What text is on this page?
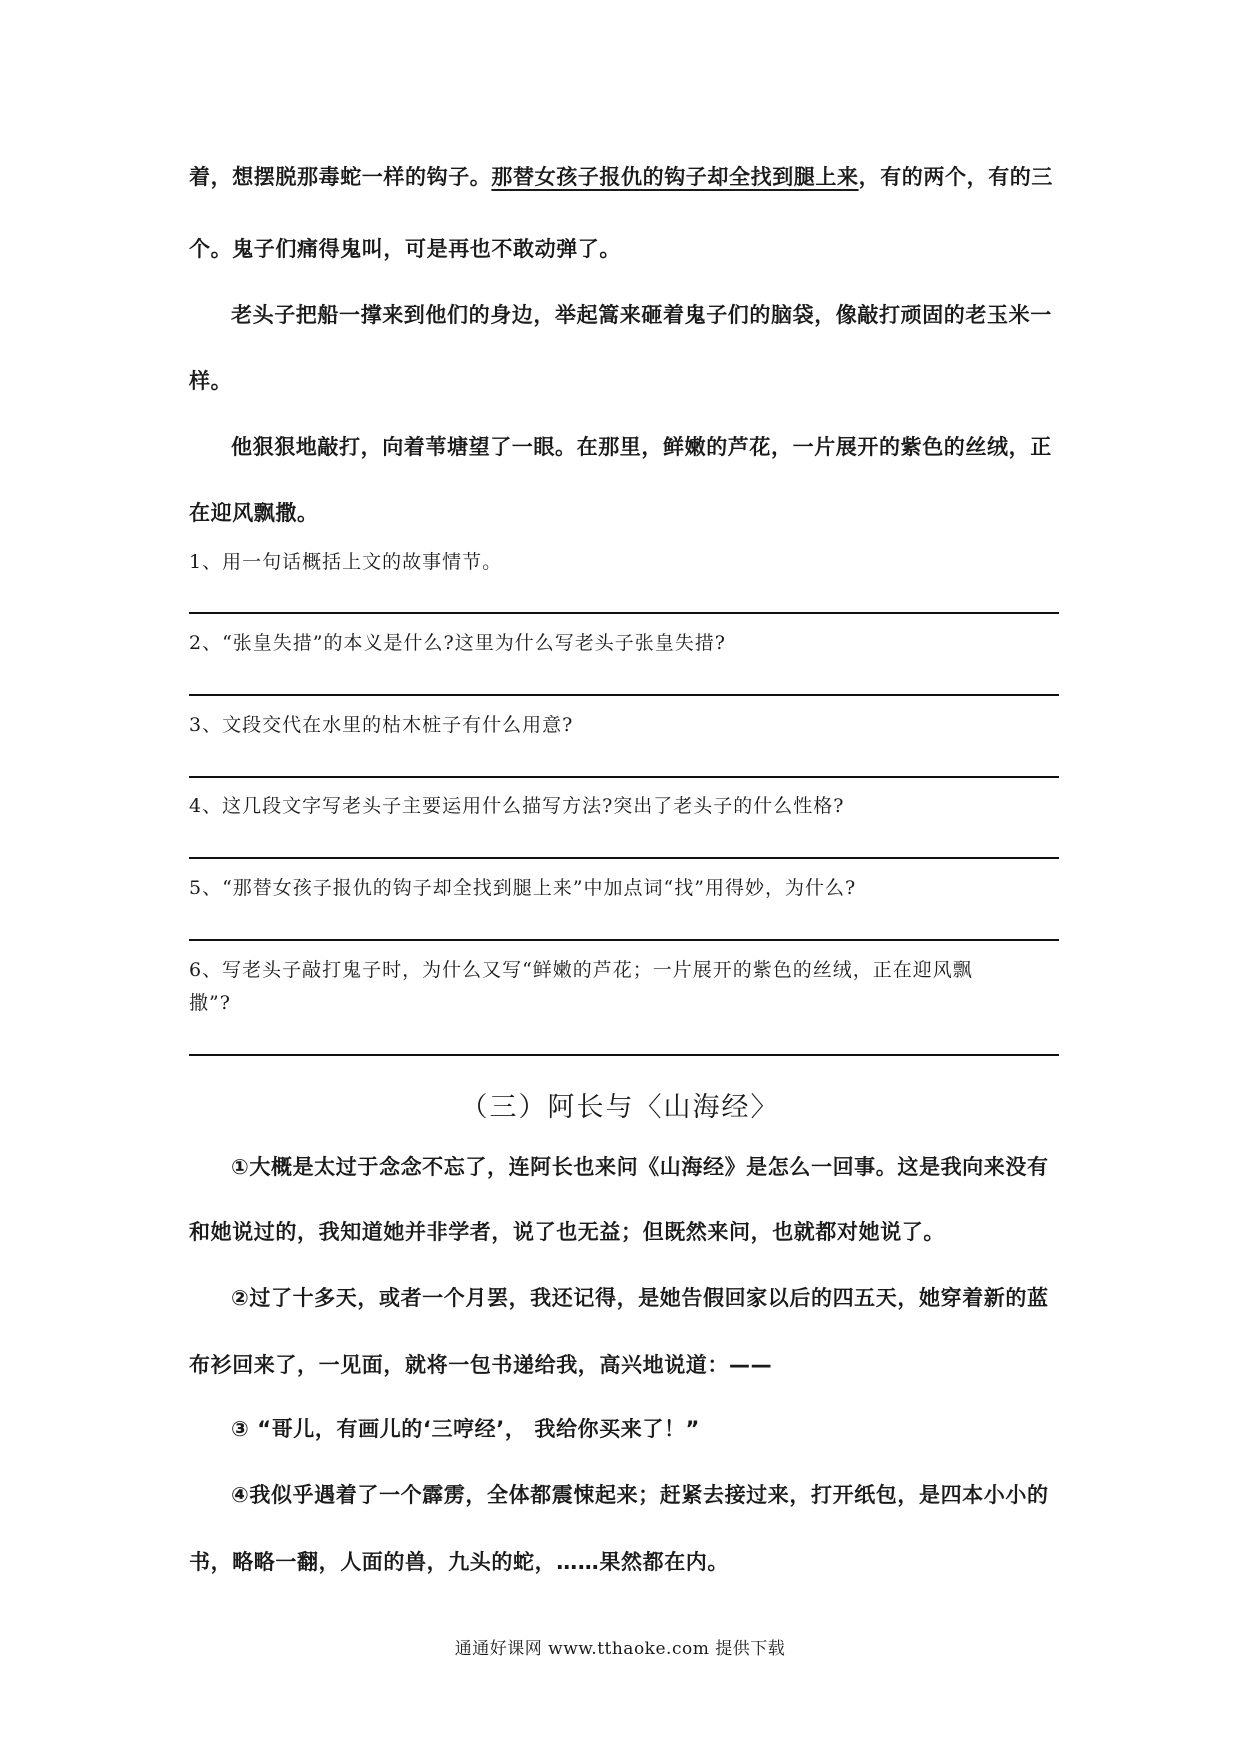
着，想摆脱那毒蛇一样的钩子。那替女孩子报仇的钩子却全找到腿上来，有的两个，有的三
个。鬼子们痛得鬼叫，可是再也不敢动弹了。
老头子把船一撑来到他们的身边，举起篙来砸着鬼子们的脑袋，像敲打顽固的老玉米一
样。
他狠狠地敲打，向着苇塘望了一眼。在那里，鲜嫩的芦花，一片展开的紫色的丝绒，正
在迎风飘撒。
1、用一句话概括上文的故事情节。
2、“张皇失措”的本义是什么?这里为什么写老头子张皇失措?
3、文段交代在水里的枯木桩子有什么用意?
4、这几段文字写老头子主要运用什么描写方法?突出了老头子的什么性格?
5、“那替女孩子报仇的钩子却全找到腿上来”中加点词“找”用得妙，为什么?
6、写老头子敲打鬼子时，为什么又写“鲜嫩的芦花；一片展开的紫色的丝绒，正在迎风飘
撒”?
（三）阿长与〈山海经〉
①大概是太过于念念不忘了，连阿长也来问《山海经》是怎么一回事。这是我向来没有
和她说过的，我知道她并非学者，说了也无益；但既然来问，也就都对她说了。
②过了十多天，或者一个月罢，我还记得，是她告假回家以后的四五天，她穿着新的蓝
布衫回来了，一见面，就将一包书递给我，高兴地说道：——
③ “哥儿，有画儿的‘三哼经’， 我给你买来了！”
④我似乎遇着了一个霹雳，全体都震悚起来；赶紧去接过来，打开纸包，是四本小小的
书，略略一翻，人面的兽，九头的蛇，……果然都在内。
通通好课网 www.tthaoke.com 提供下载
